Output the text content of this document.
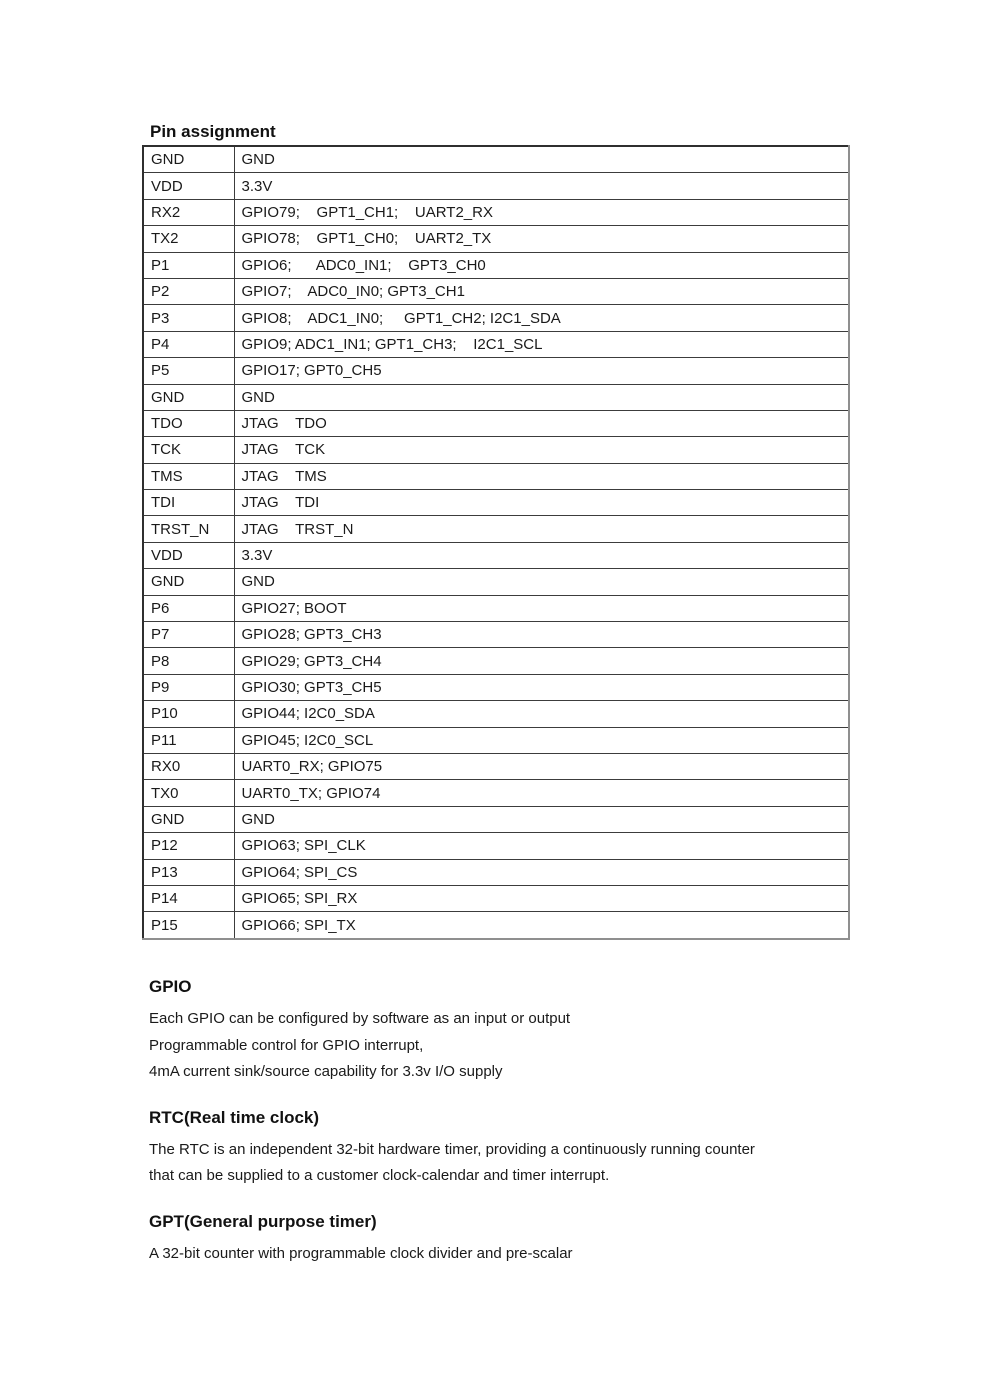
Pin assignment
GND	GND
VDD	3.3V
RX2	GPIO79;    GPT1_CH1;    UART2_RX
TX2	GPIO78;    GPT1_CH0;    UART2_TX
P1	GPIO6;      ADC0_IN1;    GPT3_CH0
P2	GPIO7;    ADC0_IN0; GPT3_CH1
P3	GPIO8;    ADC1_IN0;     GPT1_CH2; I2C1_SDA
P4	GPIO9; ADC1_IN1; GPT1_CH3;    I2C1_SCL
P5	GPIO17; GPT0_CH5
GND	GND
TDO	JTAG    TDO
TCK	JTAG    TCK
TMS	JTAG    TMS
TDI	JTAG    TDI
TRST_N	JTAG    TRST_N
VDD	3.3V
GND	GND
P6	GPIO27; BOOT
P7	GPIO28; GPT3_CH3
P8	GPIO29; GPT3_CH4
P9	GPIO30; GPT3_CH5
P10	GPIO44; I2C0_SDA
P11	GPIO45; I2C0_SCL
RX0	UART0_RX; GPIO75
TX0	UART0_TX; GPIO74
GND	GND
P12	GPIO63; SPI_CLK
P13	GPIO64; SPI_CS
P14	GPIO65; SPI_RX
P15	GPIO66; SPI_TX
GPIO

Each GPIO can be configured by software as an input or output
Programmable control for GPIO interrupt,
4mA current sink/source capability for 3.3v I/O supply

RTC(Real time clock)

The RTC is an independent 32-bit hardware timer, providing a continuously running counter
that can be supplied to a customer clock-calendar and timer interrupt.

GPT(General purpose timer)

A 32-bit counter with programmable clock divider and pre-scalar
